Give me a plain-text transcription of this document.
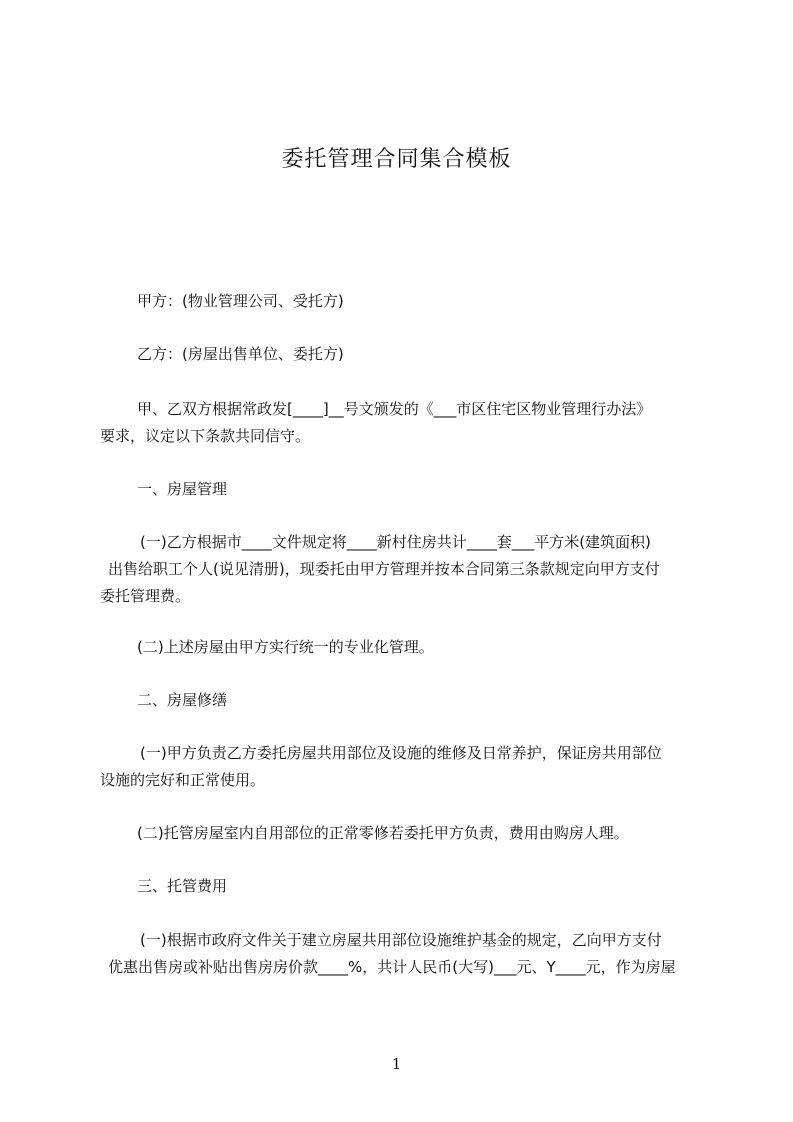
委托管理合同集合模板
甲方：(物业管理公司、受托方)
乙方：(房屋出售单位、委托方)
甲、乙双方根据常政发[____]__号文颁发的《___市区住宅区物业管理行办法》
要求，议定以下条款共同信守。
一、房屋管理
(一)乙方根据市____文件规定将____新村住房共计____套___平方米(建筑面积)
出售给职工个人(说见清册)，现委托由甲方管理并按本合同第三条款规定向甲方支付
委托管理费。
(二)上述房屋由甲方实行统一的专业化管理。
二、房屋修缮
(一)甲方负责乙方委托房屋共用部位及设施的维修及日常养护，保证房共用部位
设施的完好和正常使用。
(二)托管房屋室内自用部位的正常零修若委托甲方负责，费用由购房人理。
三、托管费用
(一)根据市政府文件关于建立房屋共用部位设施维护基金的规定，乙向甲方支付
优惠出售房或补贴出售房房价款____%，共计人民币(大写)___元、Y____元，作为房屋
1
